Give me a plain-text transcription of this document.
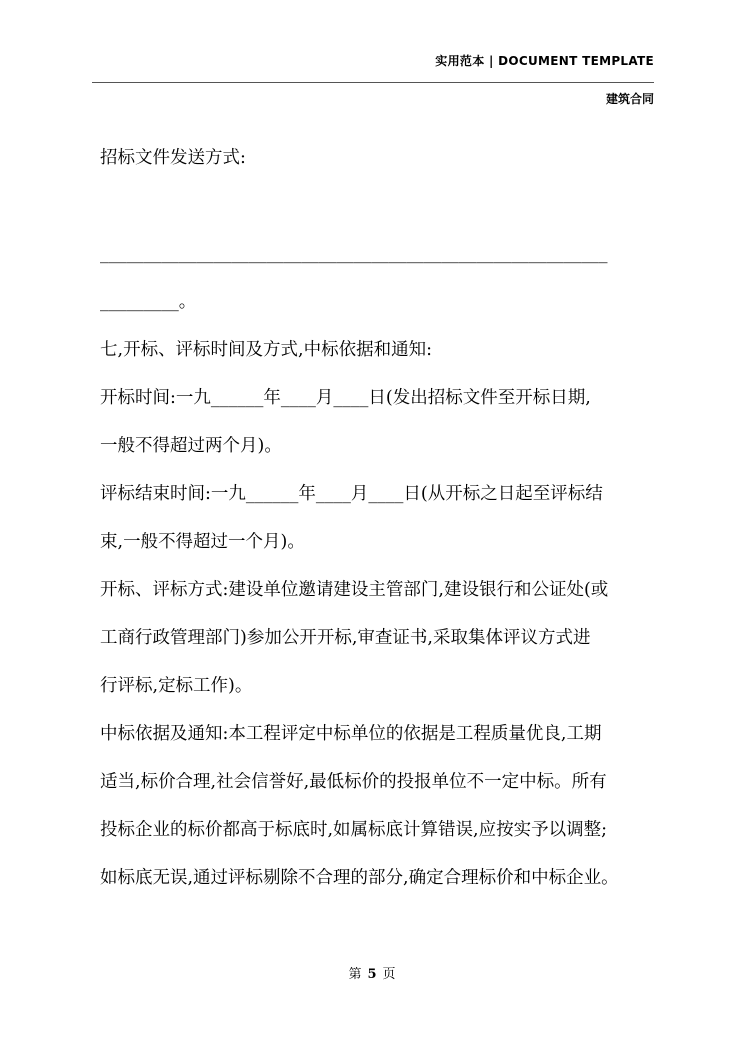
实用范本 | DOCUMENT TEMPLATE
建筑合同
招标文件发送方式:
__________________________________________________________
_________。
七,开标、评标时间及方式,中标依据和通知:
开标时间:一九______年____月____日(发出招标文件至开标日期,
一般不得超过两个月)。
评标结束时间:一九______年____月____日(从开标之日起至评标结
束,一般不得超过一个月)。
开标、评标方式:建设单位邀请建设主管部门,建设银行和公证处(或
工商行政管理部门)参加公开开标,审查证书,采取集体评议方式进
行评标,定标工作)。
中标依据及通知:本工程评定中标单位的依据是工程质量优良,工期
适当,标价合理,社会信誉好,最低标价的投报单位不一定中标。所有
投标企业的标价都高于标底时,如属标底计算错误,应按实予以调整;
如标底无误,通过评标剔除不合理的部分,确定合理标价和中标企业。
第 5 页
